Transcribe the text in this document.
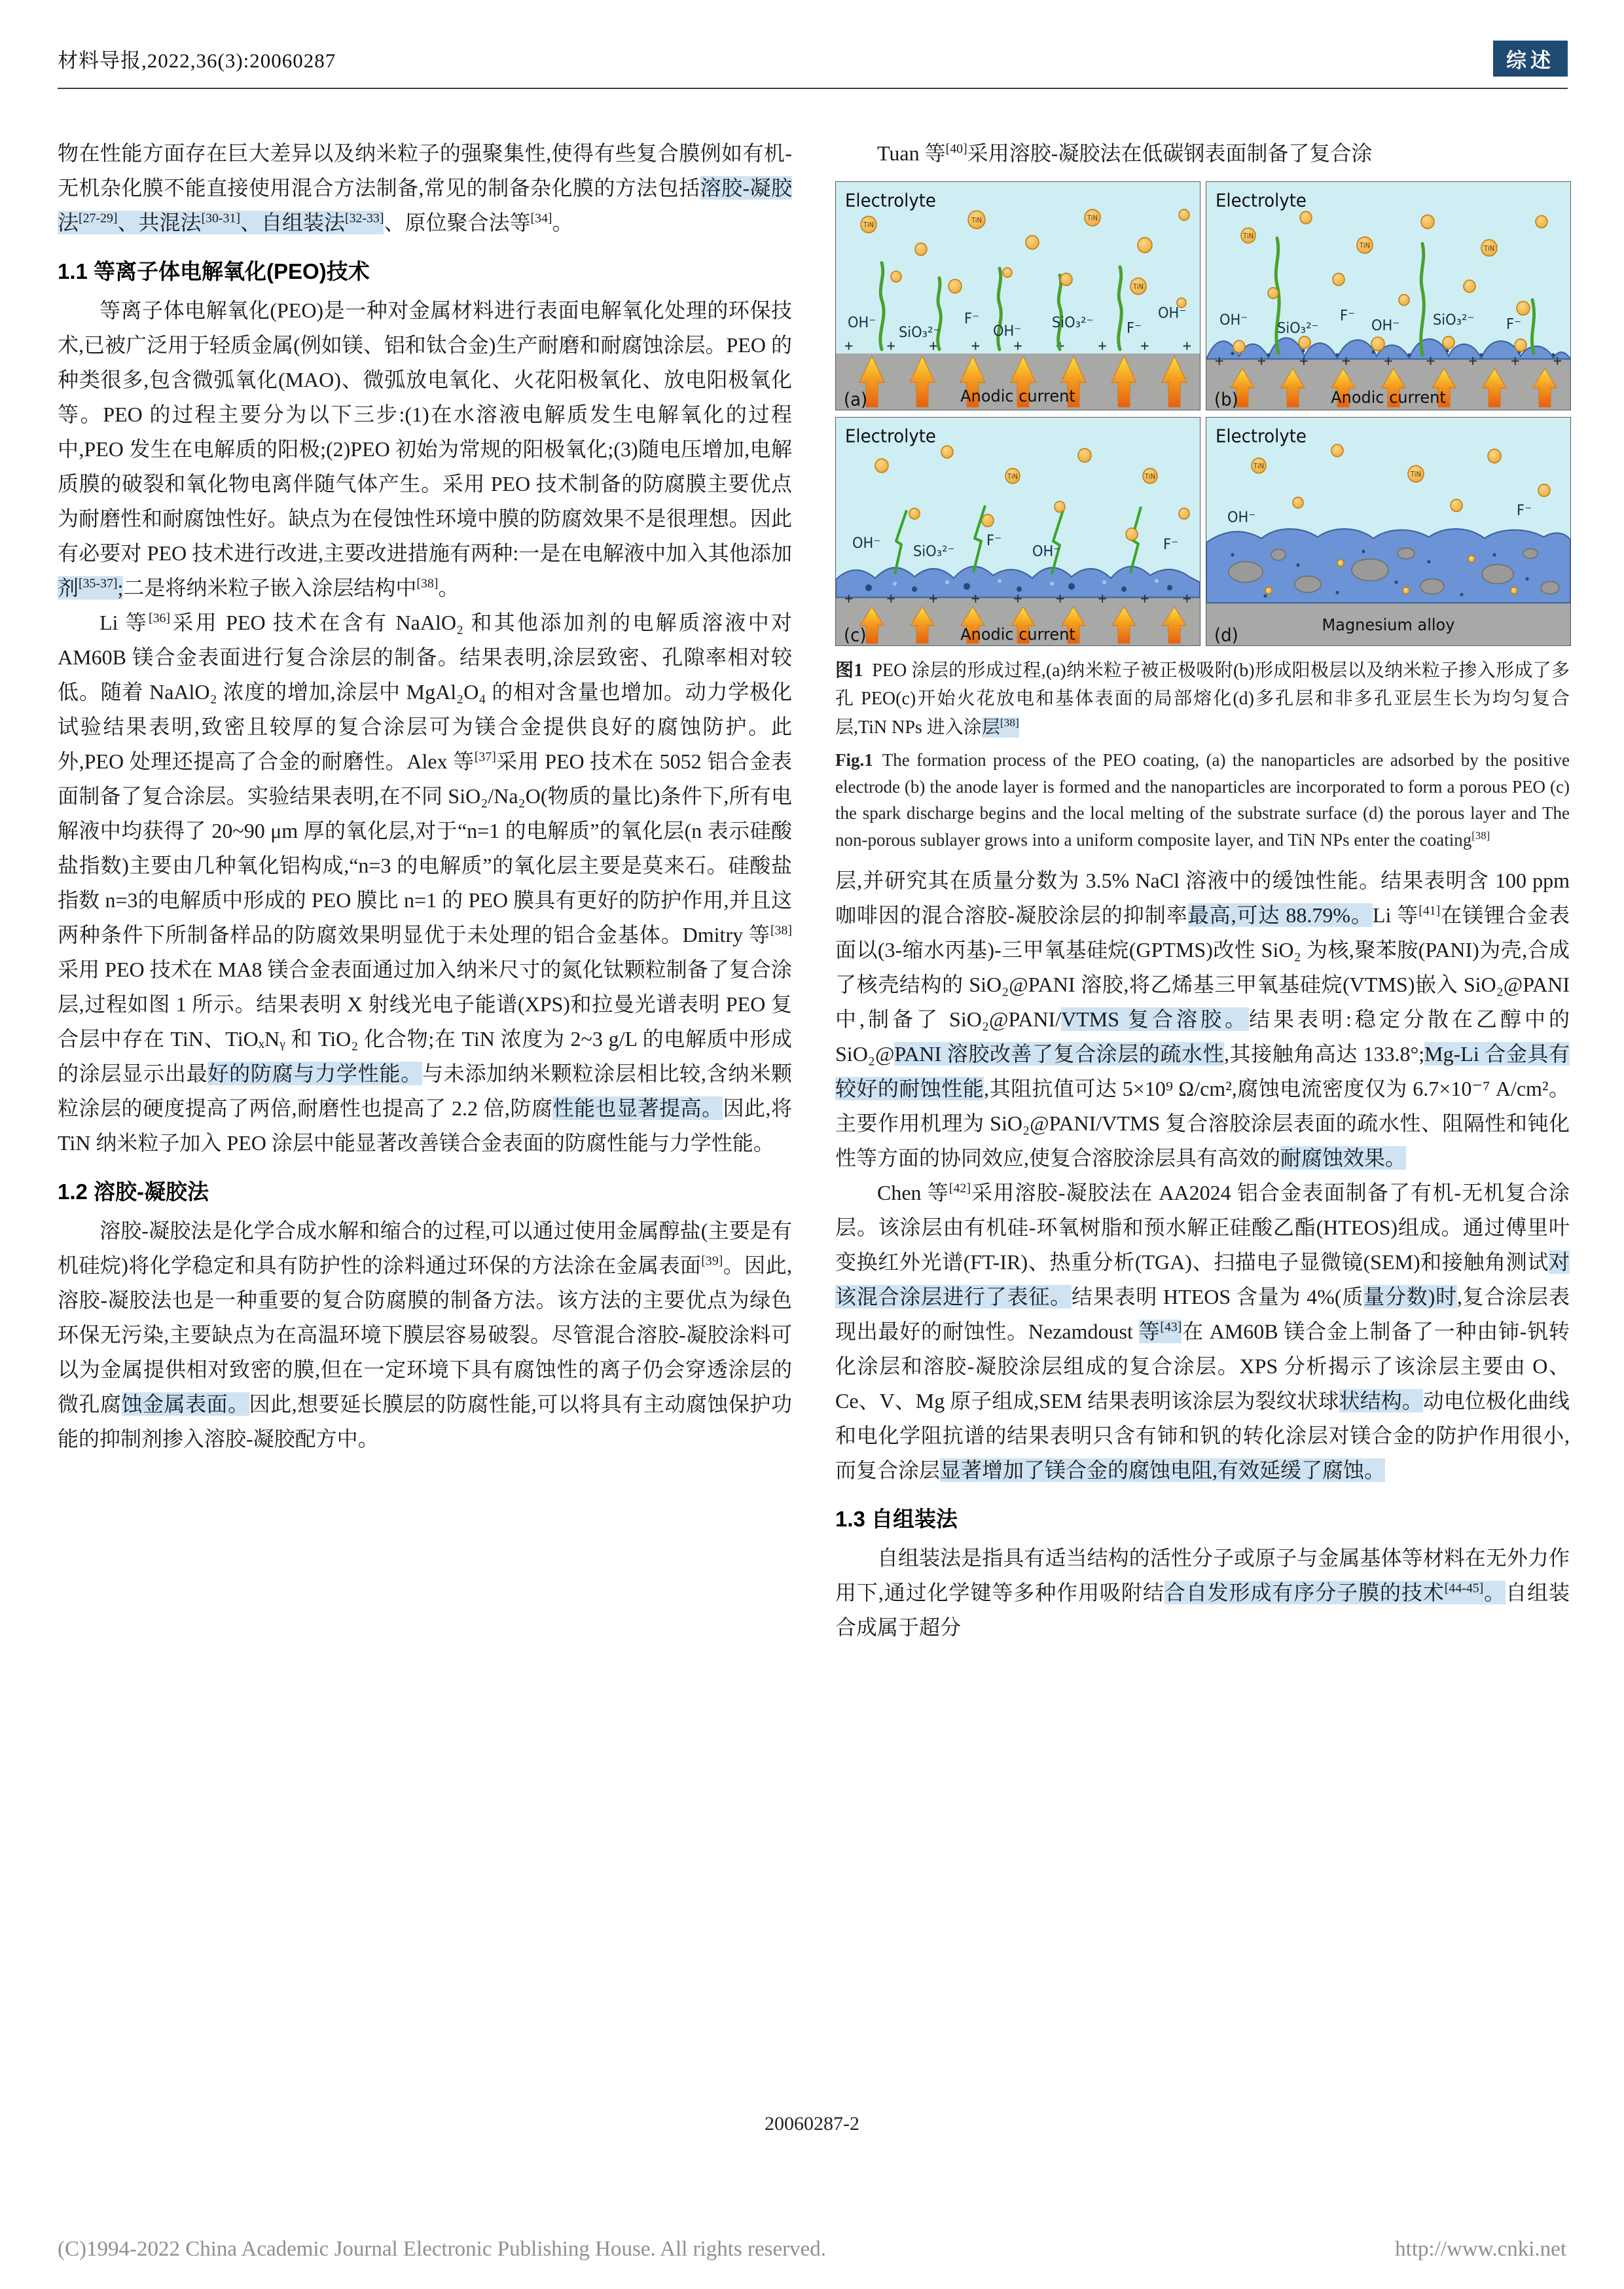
材料导报,2022,36(3):20060287	综述

物在性能方面存在巨大差异以及纳米粒子的强聚集性,使得有些复合膜例如有机-无机杂化膜不能直接使用混合方法制备,常见的制备杂化膜的方法包括溶胶-凝胶法[27-29]、共混法[30-31]、自组装法[32-33]、原位聚合法等[34]。

1.1 等离子体电解氧化(PEO)技术

等离子体电解氧化(PEO)是一种对金属材料进行表面电解氧化处理的环保技术,已被广泛用于轻质金属(例如镁、铝和钛合金)生产耐磨和耐腐蚀涂层。PEO 的种类很多,包含微弧氧化(MAO)、微弧放电氧化、火花阳极氧化、放电阳极氧化等。PEO 的过程主要分为以下三步:(1)在水溶液电解质发生电解氧化的过程中,PEO 发生在电解质的阳极;(2)PEO 初始为常规的阳极氧化;(3)随电压增加,电解质膜的破裂和氧化物电离伴随气体产生。采用 PEO 技术制备的防腐膜主要优点为耐磨性和耐腐蚀性好。缺点为在侵蚀性环境中膜的防腐效果不是很理想。因此有必要对 PEO 技术进行改进,主要改进措施有两种:一是在电解液中加入其他添加剂[35-37];二是将纳米粒子嵌入涂层结构中[38]。

Li 等[36]采用 PEO 技术在含有 NaAlO₂ 和其他添加剂的电解质溶液中对 AM60B 镁合金表面进行复合涂层的制备。结果表明,涂层致密、孔隙率相对较低。随着 NaAlO₂ 浓度的增加,涂层中 MgAl₂O₄ 的相对含量也增加。动力学极化试验结果表明,致密且较厚的复合涂层可为镁合金提供良好的腐蚀防护。此外,PEO 处理还提高了合金的耐磨性。Alex 等[37]采用 PEO 技术在 5052 铝合金表面制备了复合涂层。实验结果表明,在不同 SiO₂/Na₂O(物质的量比)条件下,所有电解液中均获得了 20~90 μm 厚的氧化层,对于“n=1 的电解质”的氧化层(n 表示硅酸盐指数)主要由几种氧化铝构成,“n=3 的电解质”的氧化层主要是莫来石。硅酸盐指数 n=3的电解质中形成的 PEO 膜比 n=1 的 PEO 膜具有更好的防护作用,并且这两种条件下所制备样品的防腐效果明显优于未处理的铝合金基体。Dmitry 等[38]采用 PEO 技术在 MA8 镁合金表面通过加入纳米尺寸的氮化钛颗粒制备了复合涂层,过程如图 1 所示。结果表明 X 射线光电子能谱(XPS)和拉曼光谱表明 PEO 复合层中存在 TiN、TiOₓNᵧ 和 TiO₂ 化合物;在 TiN 浓度为 2~3 g/L 的电解质中形成的涂层显示出最好的防腐与力学性能。与未添加纳米颗粒涂层相比较,含纳米颗粒涂层的硬度提高了两倍,耐磨性也提高了 2.2 倍,防腐性能也显著提高。因此,将 TiN 纳米粒子加入 PEO 涂层中能显著改善镁合金表面的防腐性能与力学性能。

1.2 溶胶-凝胶法

溶胶-凝胶法是化学合成水解和缩合的过程,可以通过使用金属醇盐(主要是有机硅烷)将化学稳定和具有防护性的涂料通过环保的方法涂在金属表面[39]。因此,溶胶-凝胶法也是一种重要的复合防腐膜的制备方法。该方法的主要优点为绿色环保无污染,主要缺点为在高温环境下膜层容易破裂。尽管混合溶胶-凝胶涂料可以为金属提供相对致密的膜,但在一定环境下具有腐蚀性的离子仍会穿透涂层的微孔腐蚀金属表面。因此,想要延长膜层的防腐性能,可以将具有主动腐蚀保护功能的抑制剂掺入溶胶-凝胶配方中。

Tuan 等[40]采用溶胶-凝胶法在低碳钢表面制备了复合涂

+ + + + + + + + +
TiN
TiN	TiN
TiN
OH⁻
SiO₃²⁻
F⁻
OH⁻ SiO₃²⁻ F⁻
OH⁻
Electrolyte
Anodic current
(a)
TiN
TiN	TiN
OH⁻ SiO₃²⁻
F⁻
OH⁻ SiO₃²⁻ F⁻
+ + + + + + + + +
Electrolyte
Anodic current
(b)
TiN	TiN
OH⁻ SiO₃²⁻
F⁻
OH⁻	F⁻
+ + + + + + + + +
Electrolyte
Anodic current
(c)
TiN
TiN
OH⁻	F⁻
Electrolyte
Magnesium alloy
(d)

图1 PEO 涂层的形成过程,(a)纳米粒子被正极吸附(b)形成阳极层以及纳米粒子掺入形成了多孔 PEO(c)开始火花放电和基体表面的局部熔化(d)多孔层和非多孔亚层生长为均匀复合层,TiN NPs 进入涂层[38]

Fig.1 The formation process of the PEO coating, (a) the nanoparticles are adsorbed by the positive electrode (b) the anode layer is formed and the nanoparticles are incorporated to form a porous PEO (c) the spark discharge begins and the local melting of the substrate surface (d) the porous layer and The non-porous sublayer grows into a uniform composite layer, and TiN NPs enter the coating[38]

层,并研究其在质量分数为 3.5% NaCl 溶液中的缓蚀性能。结果表明含 100 ppm 咖啡因的混合溶胶-凝胶涂层的抑制率最高,可达 88.79%。Li 等[41]在镁锂合金表面以(3-缩水丙基)-三甲氧基硅烷(GPTMS)改性 SiO₂ 为核,聚苯胺(PANI)为壳,合成了核壳结构的 SiO₂@PANI 溶胶,将乙烯基三甲氧基硅烷(VTMS)嵌入 SiO₂@PANI 中,制备了 SiO₂@PANI/VTMS 复合溶胶。结果表明:稳定分散在乙醇中的 SiO₂@PANI 溶胶改善了复合涂层的疏水性,其接触角高达 133.8°;Mg-Li 合金具有较好的耐蚀性能,其阻抗值可达 5×10⁹ Ω/cm²,腐蚀电流密度仅为 6.7×10⁻⁷ A/cm²。主要作用机理为 SiO₂@PANI/VTMS 复合溶胶涂层表面的疏水性、阻隔性和钝化性等方面的协同效应,使复合溶胶涂层具有高效的耐腐蚀效果。

Chen 等[42]采用溶胶-凝胶法在 AA2024 铝合金表面制备了有机-无机复合涂层。该涂层由有机硅-环氧树脂和预水解正硅酸乙酯(HTEOS)组成。通过傅里叶变换红外光谱(FT-IR)、热重分析(TGA)、扫描电子显微镜(SEM)和接触角测试对该混合涂层进行了表征。结果表明 HTEOS 含量为 4%(质量分数)时,复合涂层表现出最好的耐蚀性。Nezamdoust 等[43]在 AM60B 镁合金上制备了一种由铈-钒转化涂层和溶胶-凝胶涂层组成的复合涂层。XPS 分析揭示了该涂层主要由 O、Ce、V、Mg 原子组成,SEM 结果表明该涂层为裂纹状球状结构。动电位极化曲线和电化学阻抗谱的结果表明只含有铈和钒的转化涂层对镁合金的防护作用很小,而复合涂层显著增加了镁合金的腐蚀电阻,有效延缓了腐蚀。

1.3 自组装法

自组装法是指具有适当结构的活性分子或原子与金属基体等材料在无外力作用下,通过化学键等多种作用吸附结合自发形成有序分子膜的技术[44-45]。自组装合成属于超分

20060287-2
(C)1994-2022 China Academic Journal Electronic Publishing House. All rights reserved.	http://www.cnki.net
